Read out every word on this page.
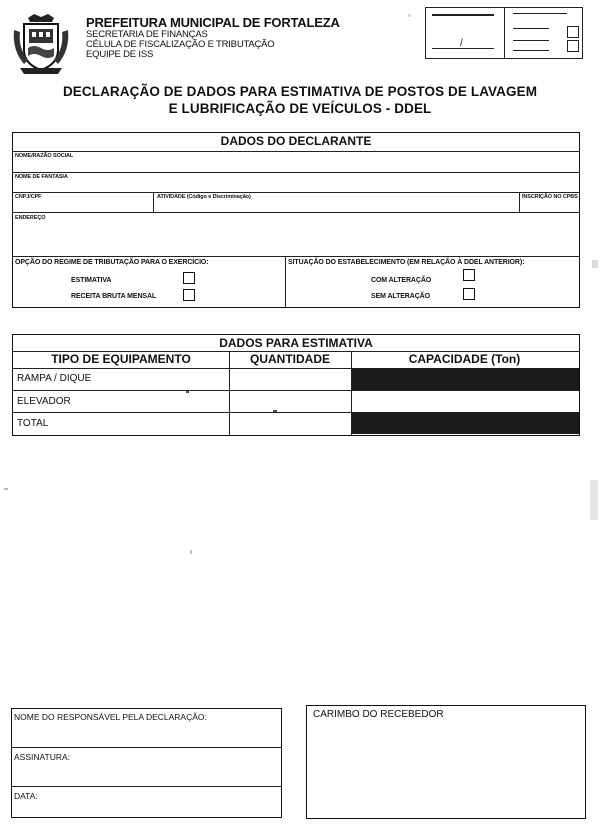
PREFEITURA MUNICIPAL DE FORTALEZA
SECRETARIA DE FINANÇAS
CÉLULA DE FISCALIZAÇÃO E TRIBUTAÇÃO
EQUIPE DE ISS
/
DECLARAÇÃO DE DADOS PARA ESTIMATIVA DE POSTOS DE LAVAGEM
E LUBRIFICAÇÃO DE VEÍCULOS - DDEL
DADOS DO DECLARANTE
NOME/RAZÃO SOCIAL
NOME DE FANTASIA
CNPJ/CPF	ATIVIDADE (Código e Discriminação)	INSCRIÇÃO NO CPBS
ENDEREÇO
OPÇÃO DO REGIME DE TRIBUTAÇÃO PARA O EXERCÍCIO:
ESTIMATIVA
RECEITA BRUTA MENSAL
SITUAÇÃO DO ESTABELECIMENTO (EM RELAÇÃO À DDEL ANTERIOR):
COM ALTERAÇÃO
SEM ALTERAÇÃO
DADOS PARA ESTIMATIVA
TIPO DE EQUIPAMENTO	QUANTIDADE	CAPACIDADE (Ton)
RAMPA / DIQUE
ELEVADOR
TOTAL
NOME DO RESPONSÁVEL PELA DECLARAÇÃO:
ASSINATURA:
DATA:
CARIMBO DO RECEBEDOR
